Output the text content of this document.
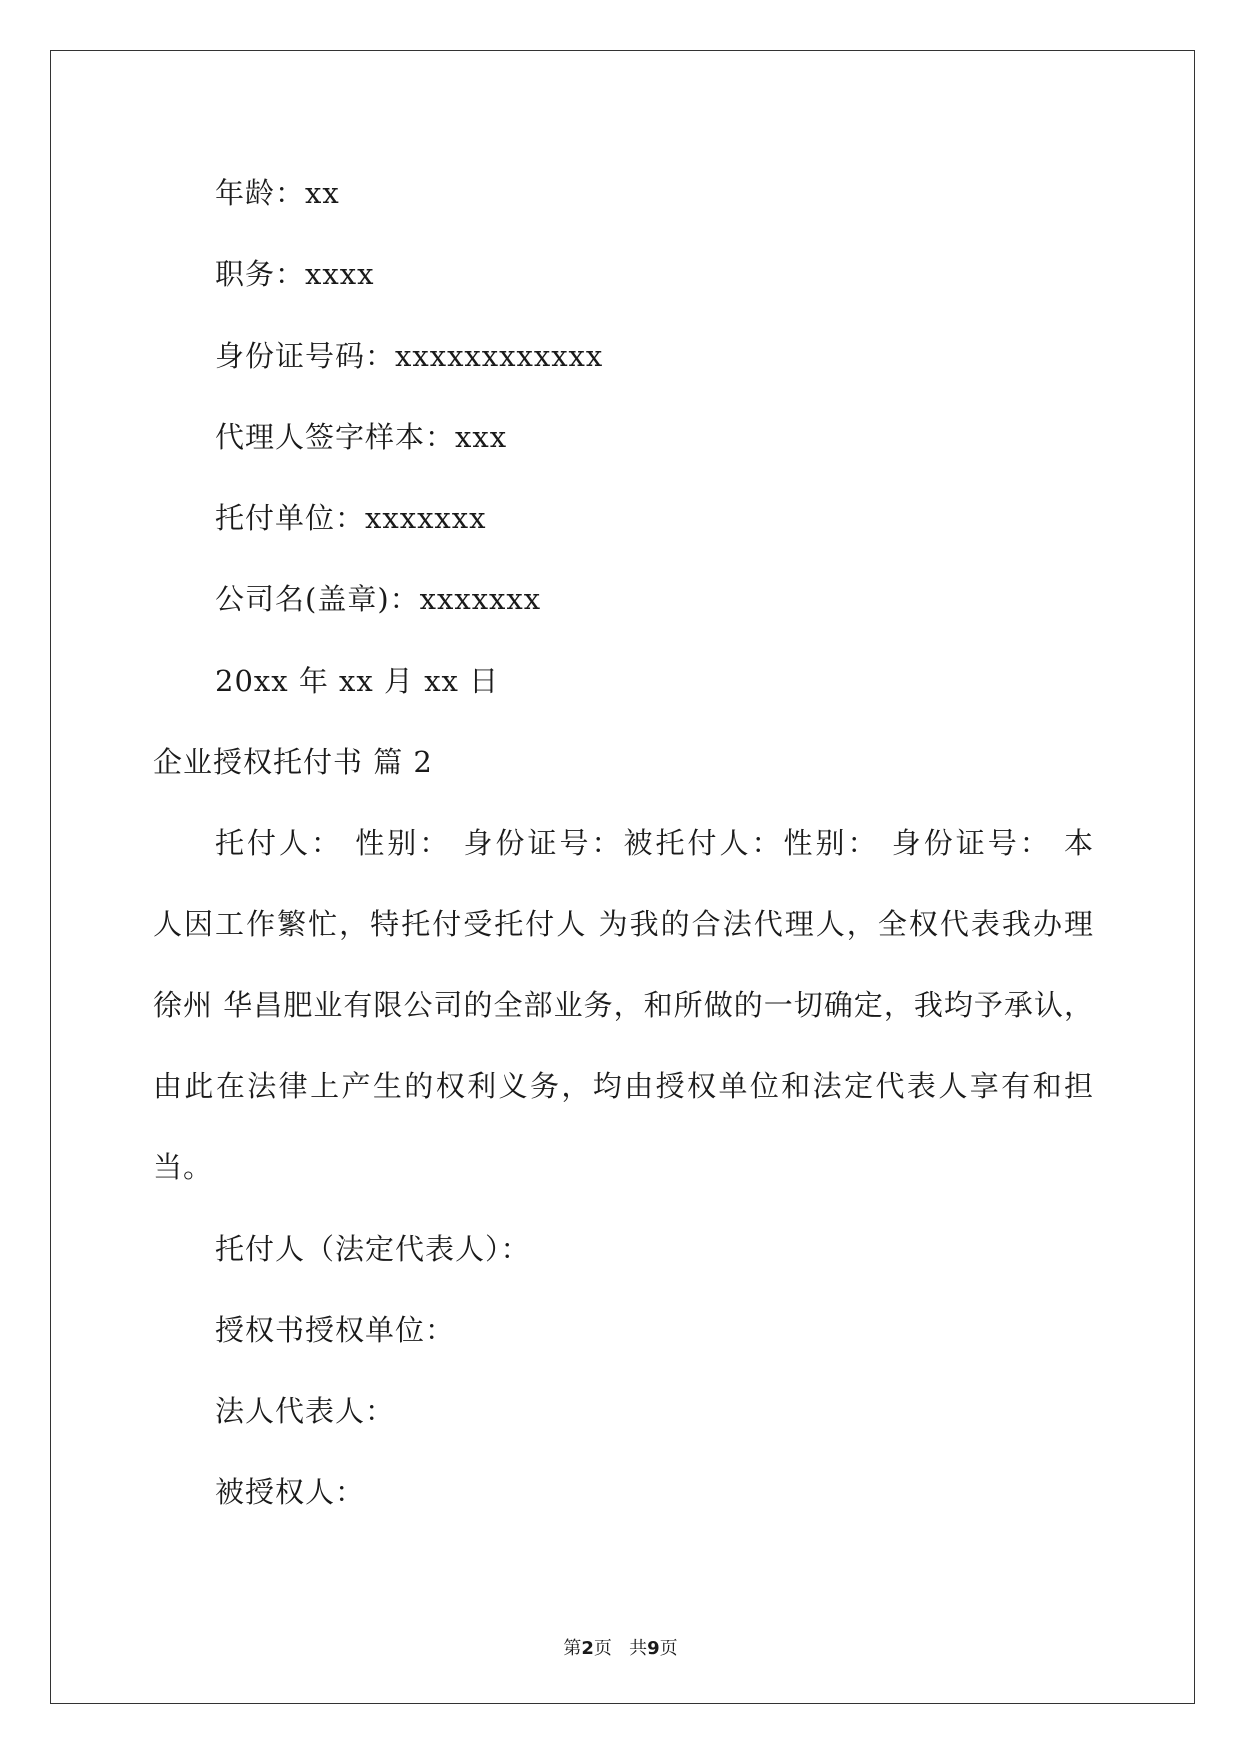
年龄：xx
职务：xxxx
身份证号码：xxxxxxxxxxxx
代理人签字样本：xxx
托付单位：xxxxxxx
公司名(盖章)：xxxxxxx
20xx 年 xx 月 xx 日
企业授权托付书 篇 2
托付人： 性别： 身份证号：被托付人：性别： 身份证号： 本
人因工作繁忙，特托付受托付人 为我的合法代理人，全权代表我办理
徐州 华昌肥业有限公司的全部业务，和所做的一切确定，我均予承认，
由此在法律上产生的权利义务，均由授权单位和法定代表人享有和担
当。
托付人（法定代表人）：
授权书授权单位：
法人代表人：
被授权人：
第2页 共9页
